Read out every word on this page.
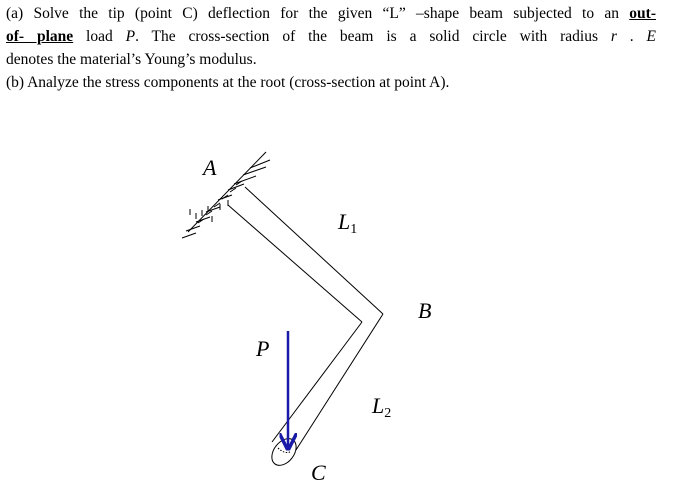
(a) Solve the tip (point C) deflection for the given “L” –shape beam subjected to an out-

of- plane load P. The cross-section of the beam is a solid circle with radius r . E

denotes the material’s Young’s modulus.

(b) Analyze the stress components at the root (cross-section at point A).

A
L1
B
P
L2
C
